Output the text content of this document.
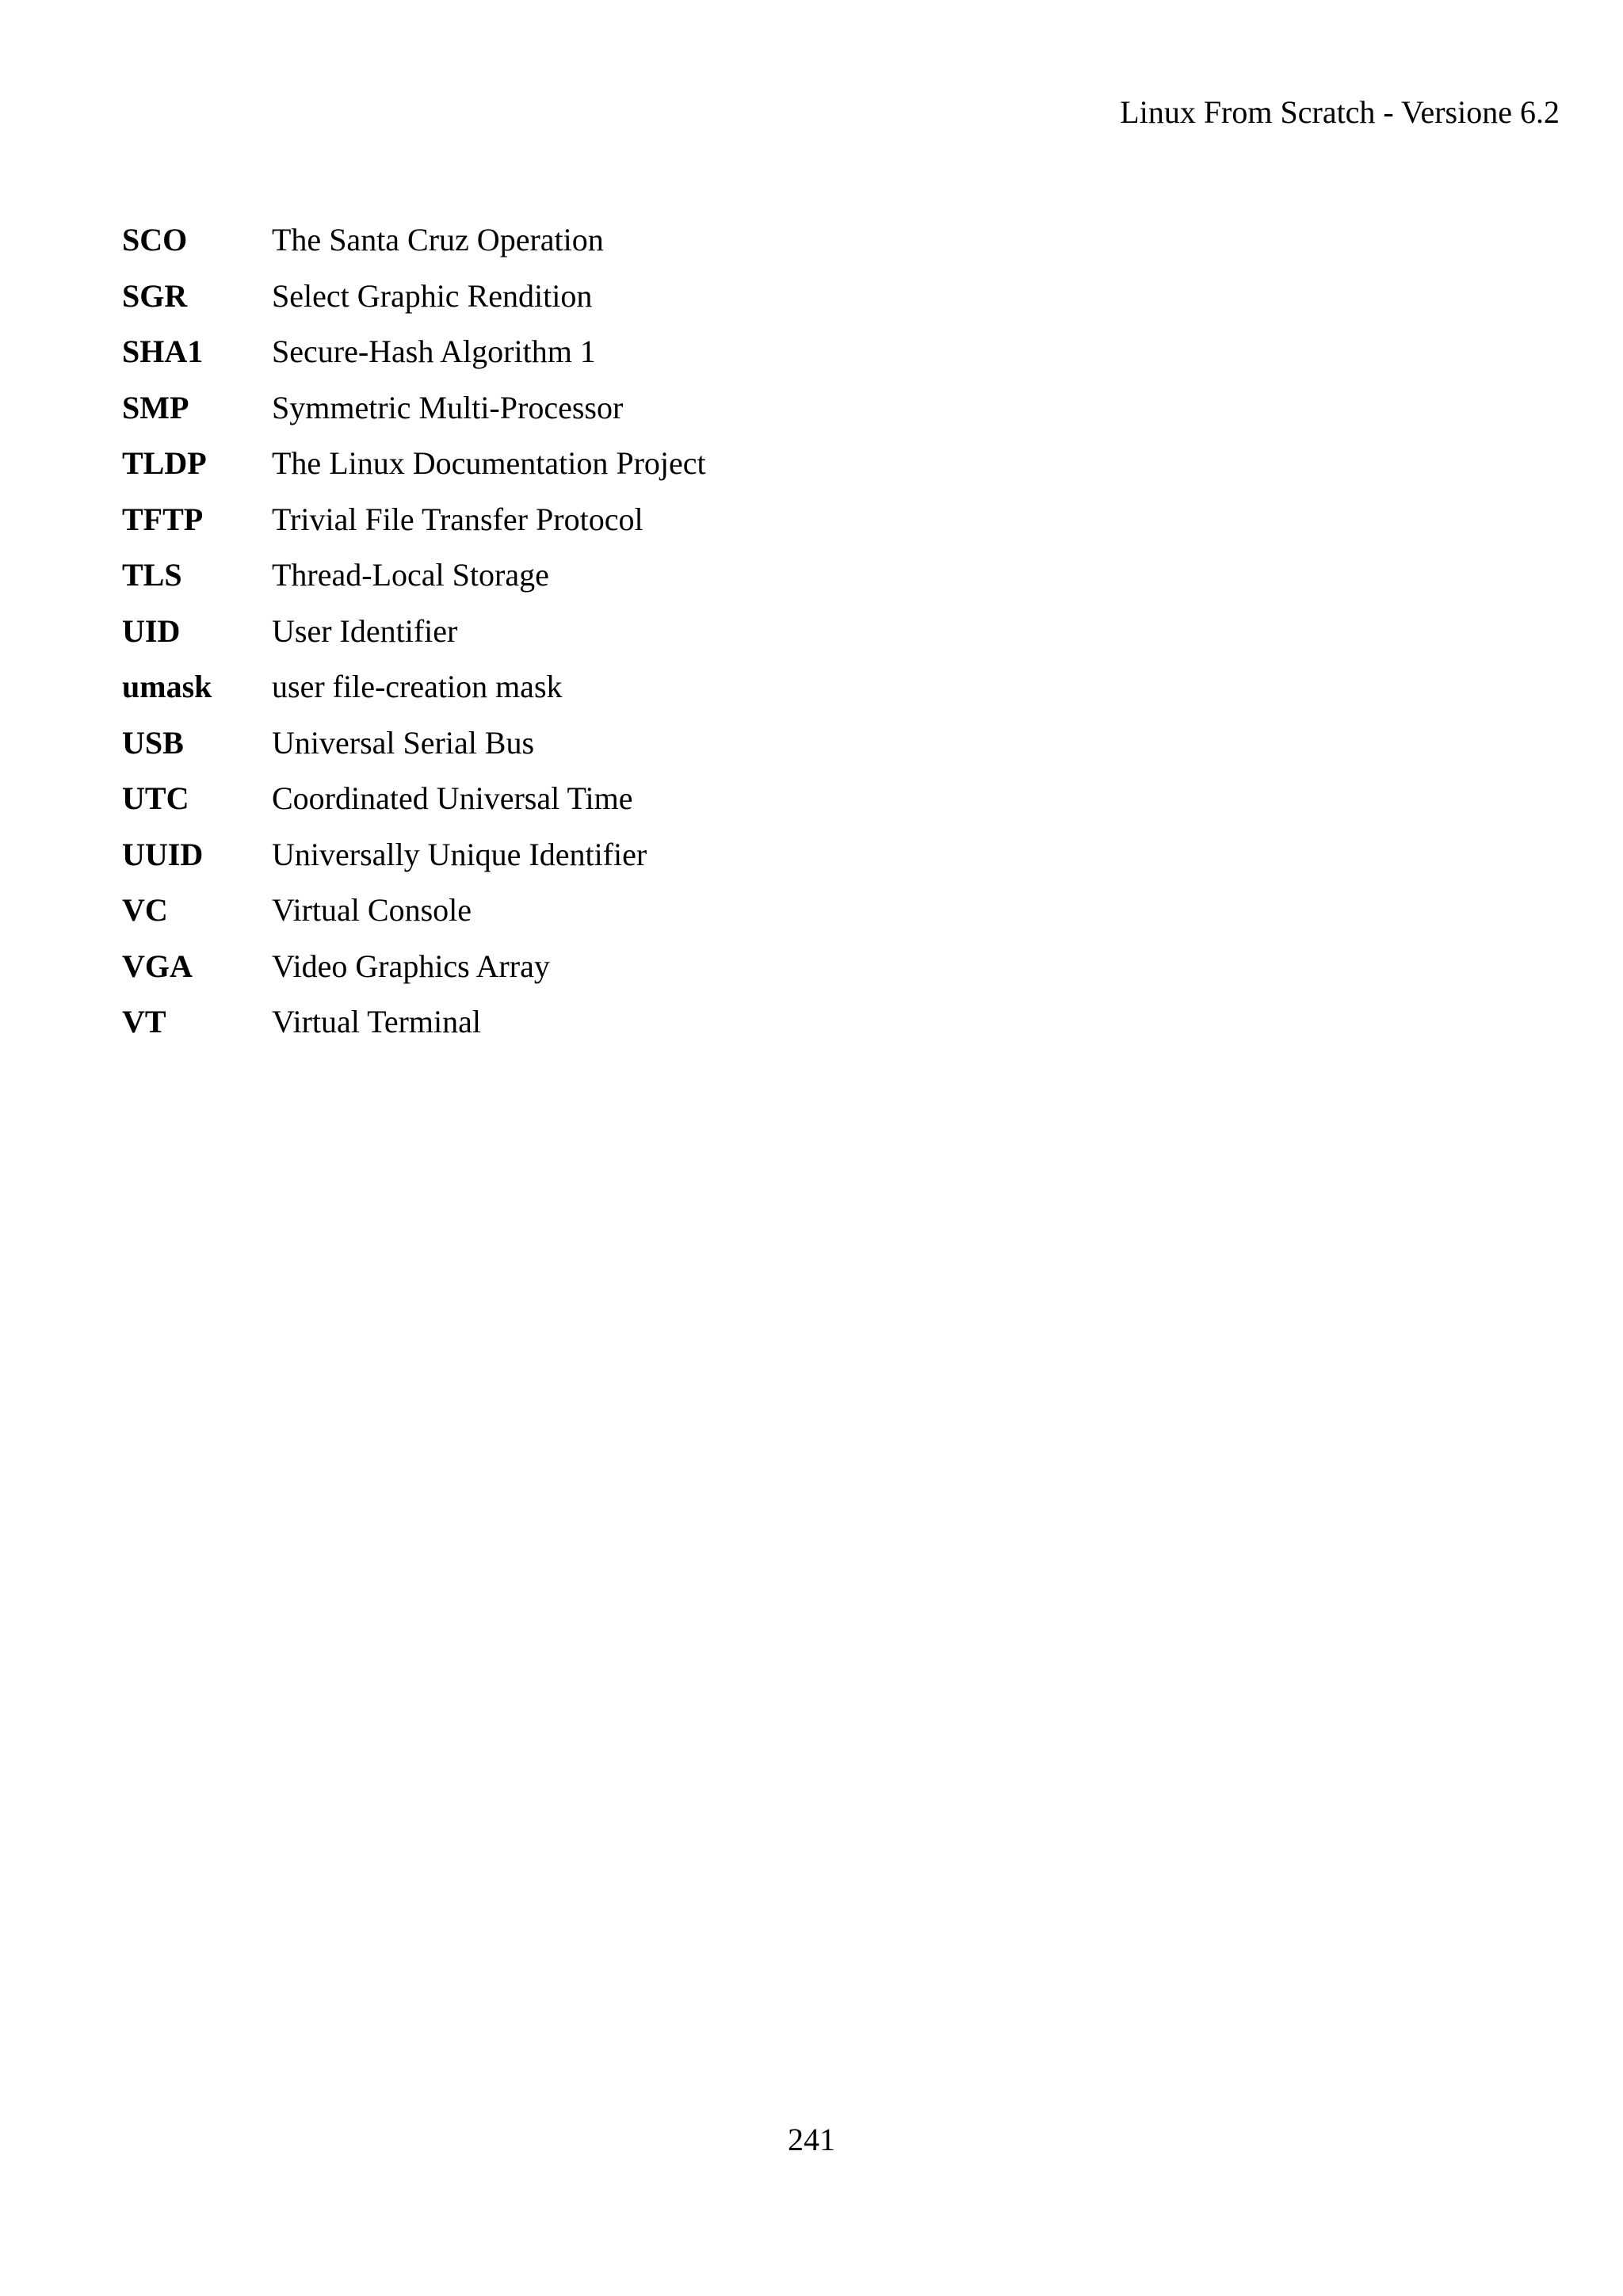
Linux From Scratch - Versione 6.2
SCO	The Santa Cruz Operation
SGR	Select Graphic Rendition
SHA1	Secure-Hash Algorithm 1
SMP	Symmetric Multi-Processor
TLDP	The Linux Documentation Project
TFTP	Trivial File Transfer Protocol
TLS	Thread-Local Storage
UID	User Identifier
umask	user file-creation mask
USB	Universal Serial Bus
UTC	Coordinated Universal Time
UUID	Universally Unique Identifier
VC	Virtual Console
VGA	Video Graphics Array
VT	Virtual Terminal
241
